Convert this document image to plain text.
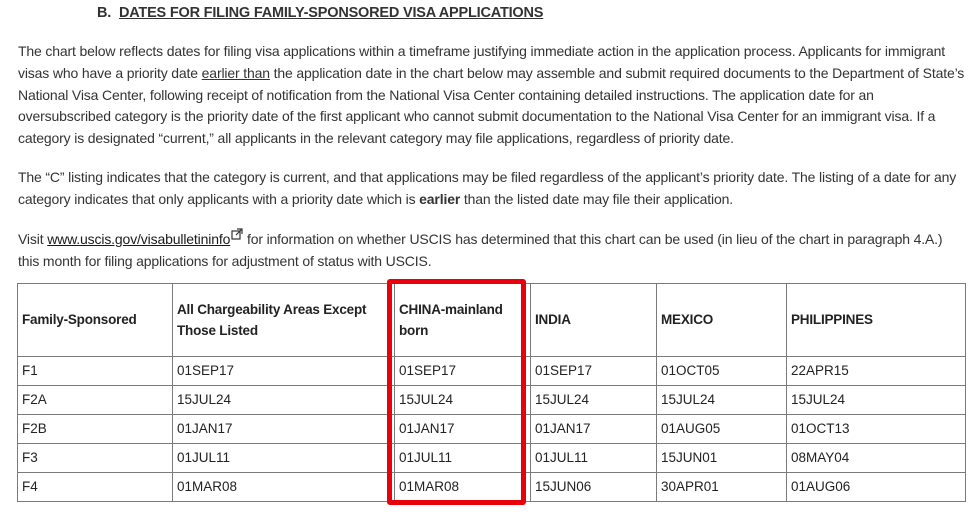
B. DATES FOR FILING FAMILY-SPONSORED VISA APPLICATIONS

The chart below reflects dates for filing visa applications within a timeframe justifying immediate action in the application process. Applicants for immigrant visas who have a priority date earlier than the application date in the chart below may assemble and submit required documents to the Department of State’s National Visa Center, following receipt of notification from the National Visa Center containing detailed instructions. The application date for an oversubscribed category is the priority date of the first applicant who cannot submit documentation to the National Visa Center for an immigrant visa. If a category is designated “current,” all applicants in the relevant category may file applications, regardless of priority date.

The “C” listing indicates that the category is current, and that applications may be filed regardless of the applicant’s priority date. The listing of a date for any category indicates that only applicants with a priority date which is earlier than the listed date may file their application.

Visit www.uscis.gov/visabulletininfo for information on whether USCIS has determined that this chart can be used (in lieu of the chart in paragraph 4.A.) this month for filing applications for adjustment of status with USCIS.

Family-Sponsored	All Chargeability Areas Except Those Listed	CHINA-mainland born	INDIA	MEXICO	PHILIPPINES
F1	01SEP17	01SEP17	01SEP17	01OCT05	22APR15
F2A	15JUL24	15JUL24	15JUL24	15JUL24	15JUL24
F2B	01JAN17	01JAN17	01JAN17	01AUG05	01OCT13
F3	01JUL11	01JUL11	01JUL11	15JUN01	08MAY04
F4	01MAR08	01MAR08	15JUN06	30APR01	01AUG06
